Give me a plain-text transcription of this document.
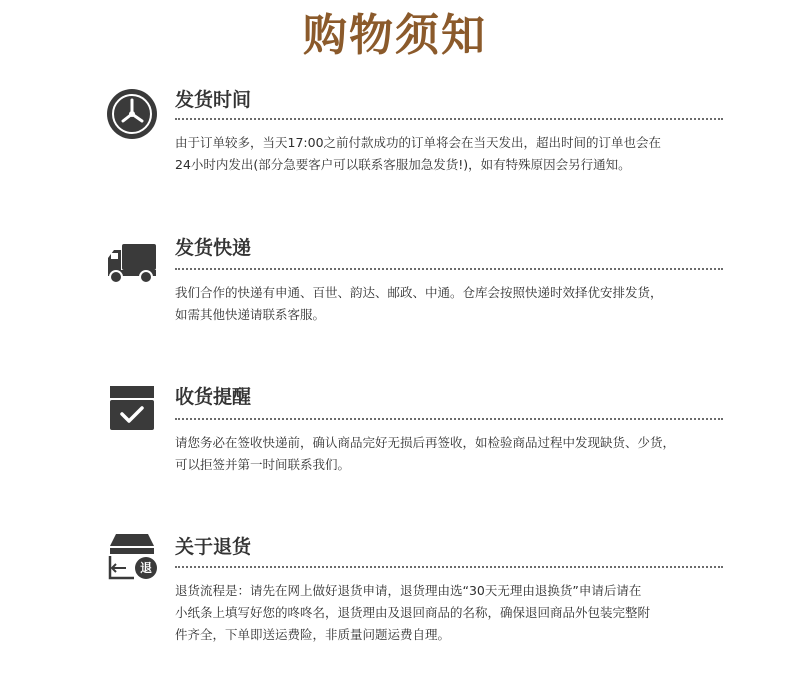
购物须知
发货时间

由于订单较多，当天17:00之前付款成功的订单将会在当天发出，超出时间的订单也会在

24小时内发出(部分急要客户可以联系客服加急发货!)，如有特殊原因会另行通知。

发货快递

我们合作的快递有申通、百世、韵达、邮政、中通。仓库会按照快递时效择优安排发货，

如需其他快递请联系客服。

收货提醒

请您务必在签收快递前，确认商品完好无损后再签收，如检验商品过程中发现缺货、少货，

可以拒签并第一时间联系我们。

退
关于退货

退货流程是：请先在网上做好退货申请，退货理由选“30天无理由退换货”申请后请在

小纸条上填写好您的咚咚名，退货理由及退回商品的名称，确保退回商品外包装完整附

件齐全，下单即送运费险，非质量问题运费自理。
